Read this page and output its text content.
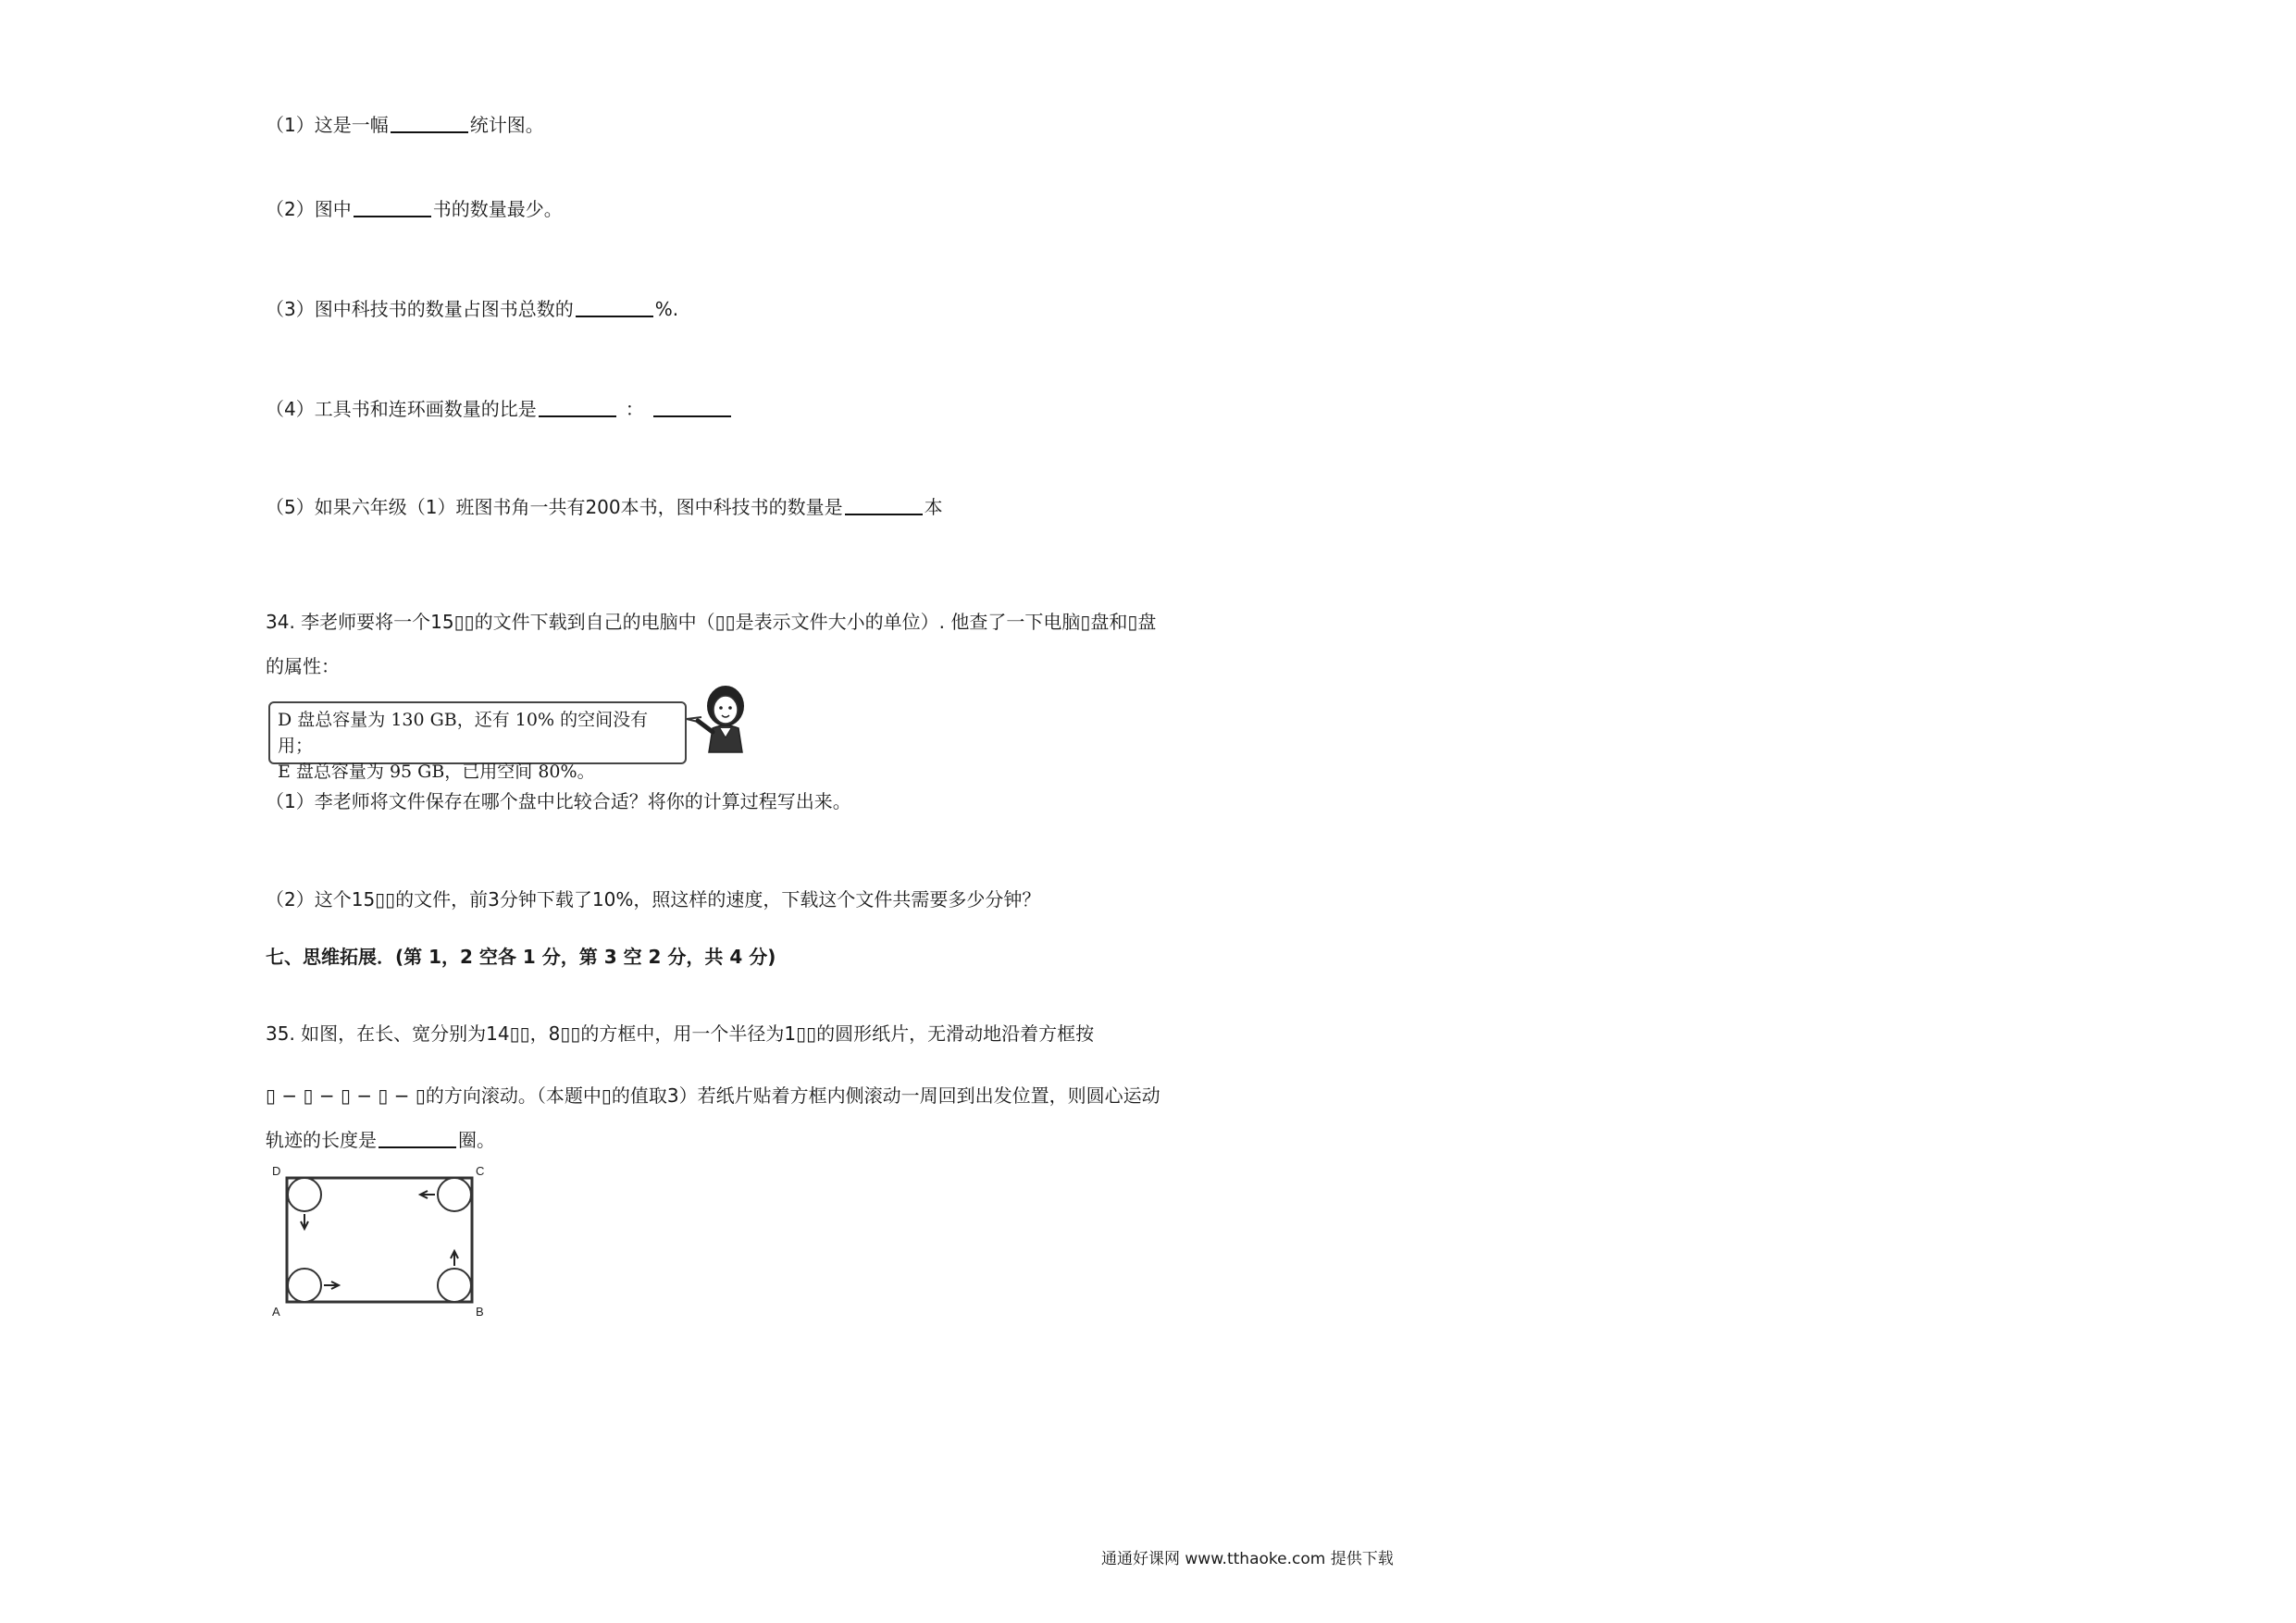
（1）这是一幅	统计图。
（2）图中	书的数量最少。
（3）图中科技书的数量占图书总数的	%.
（4）工具书和连环画数量的比是	：
（5）如果六年级（1）班图书角一共有200本书，图中科技书的数量是	本
34. 李老师要将一个15▯▯的文件下载到自己的电脑中（▯▯是表示文件大小的单位）. 他查了一下电脑▯盘和▯盘
的属性：
D 盘总容量为 130 GB，还有 10% 的空间没有用；
E 盘总容量为 95 GB，已用空间 80%。
（1）李老师将文件保存在哪个盘中比较合适？将你的计算过程写出来。
（2）这个15▯▯的文件，前3分钟下载了10%，照这样的速度，下载这个文件共需要多少分钟？
七、思维拓展．(第 1，2 空各 1 分，第 3 空 2 分，共 4 分)
35. 如图，在长、宽分别为14▯▯，8▯▯的方框中，用一个半径为1▯▯的圆形纸片，无滑动地沿着方框按
▯ − ▯ − ▯ − ▯ − ▯的方向滚动。（本题中▯的值取3）若纸片贴着方框内侧滚动一周回到出发位置，则圆心运动
轨迹的长度是	圈。
D	C
A	B
通通好课网 www.tthaoke.com 提供下载
